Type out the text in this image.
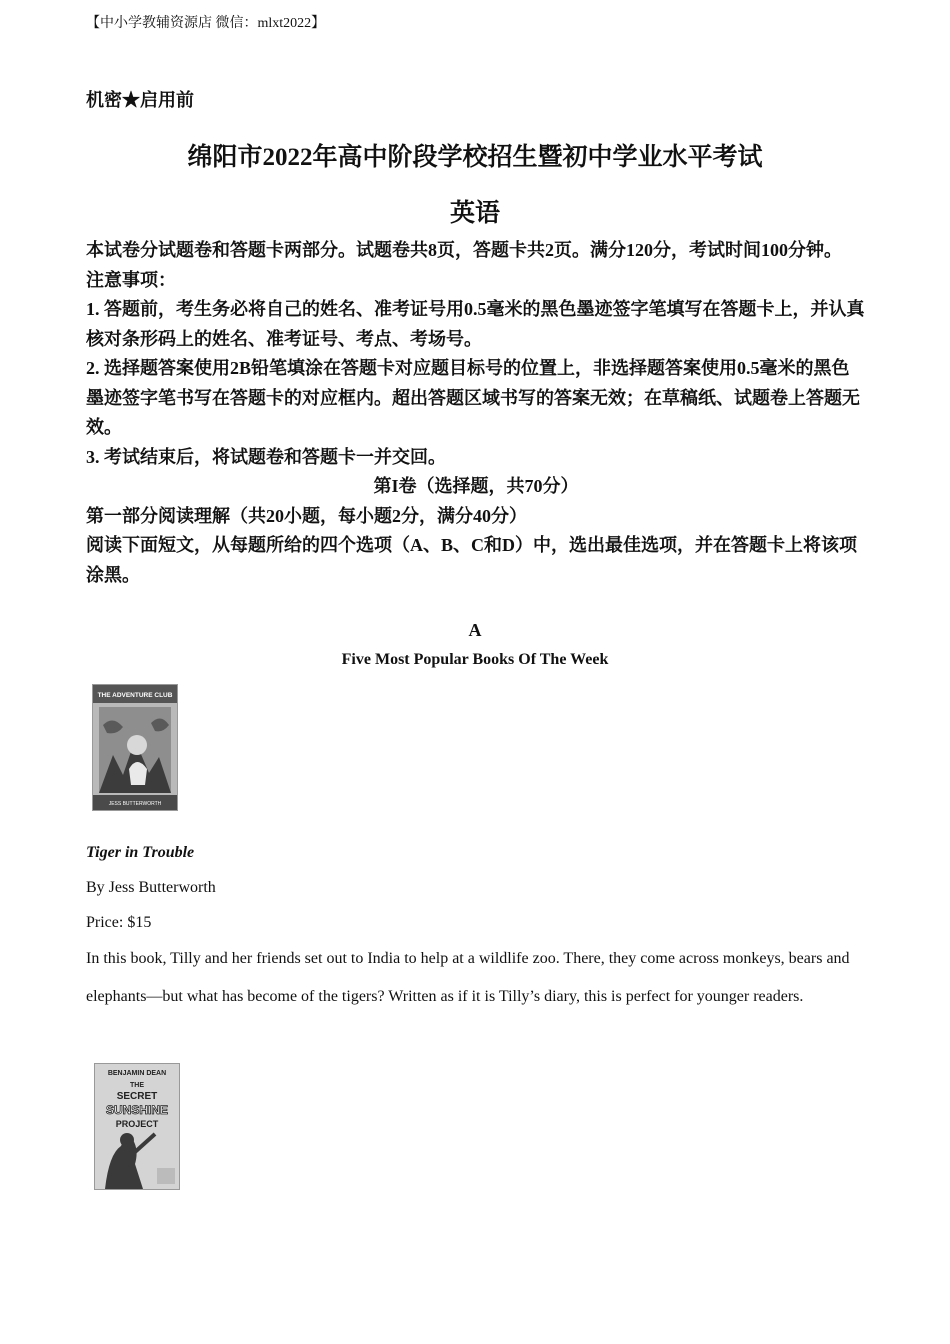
【中小学教辅资源店 微信：mlxt2022】
机密★启用前
绵阳市2022年高中阶段学校招生暨初中学业水平考试
英语

本试卷分试题卷和答题卡两部分。试题卷共8页，答题卡共2页。满分120分，考试时间100分钟。

注意事项：

1. 答题前，考生务必将自己的姓名、准考证号用0.5毫米的黑色墨迹签字笔填写在答题卡上，并认真核对条形码上的姓名、准考证号、考点、考场号。

2. 选择题答案使用2B铅笔填涂在答题卡对应题目标号的位置上，非选择题答案使用0.5毫米的黑色墨迹签字笔书写在答题卡的对应框内。超出答题区域书写的答案无效；在草稿纸、试题卷上答题无效。

3. 考试结束后，将试题卷和答题卡一并交回。

第I卷（选择题，共70分）

第一部分阅读理解（共20小题，每小题2分，满分40分）

阅读下面短文，从每题所给的四个选项（A、B、C和D）中，选出最佳选项，并在答题卡上将该项涂黑。

A
Five Most Popular Books Of The Week
THE ADVENTURE CLUB
JESS BUTTERWORTH
Tiger in Trouble
By Jess Butterworth
Price: $15
In this book, Tilly and her friends set out to India to help at a wildlife zoo. There, they come across monkeys, bears and elephants—but what has become of the tigers? Written as if it is Tilly’s diary, this is perfect for younger readers.
BENJAMIN DEAN
THE
SECRET
SUNSHINE
PROJECT
